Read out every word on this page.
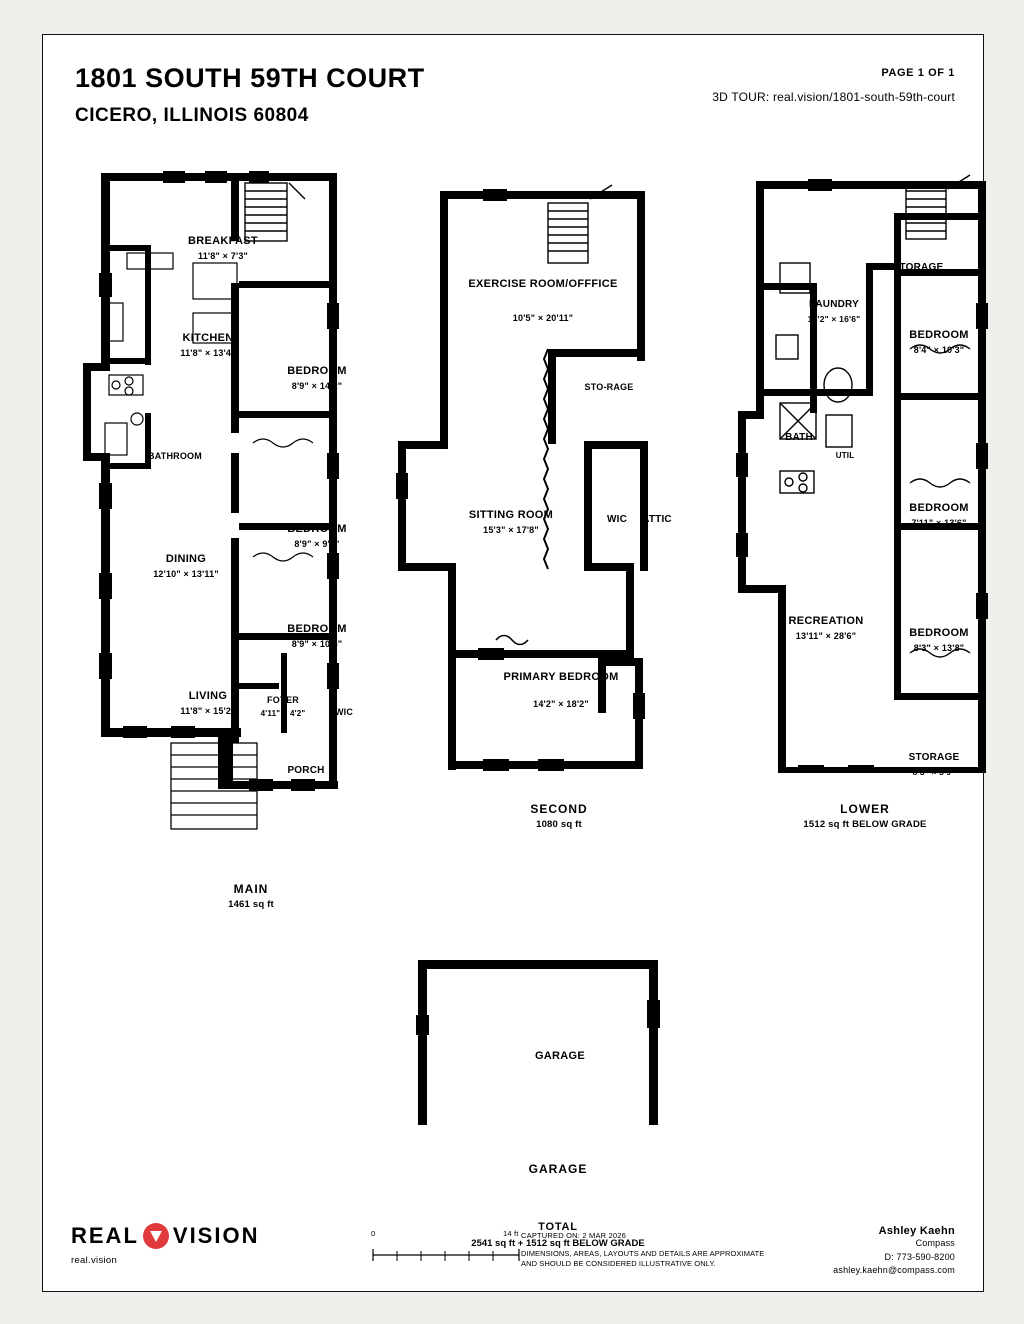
1801 SOUTH 59TH COURT
CICERO, ILLINOIS 60804
PAGE 1 OF 1
3D TOUR: real.vision/1801-south-59th-court
BREAKFAST
11'8" × 7'3"
KITCHEN
11'8" × 13'4"
BATHROOM
DINING
12'10" × 13'11"
LIVING
11'8" × 15'2"
BEDROOM
8'9" × 14'2"
BEDROOM
8'9" × 9'8"
BEDROOM
8'9" × 10'4"
FOYER
4'11" × 4'2"	WIC
PORCH
MAIN
1461 sq ft
EXERCISE ROOM/OFFFICE
10'5" × 20'11"
STO-RAGE
SITTING ROOM
15'3" × 17'8"
WIC ATTIC
PRIMARY BEDROOM
14'2" × 18'2"
SECOND
1080 sq ft
STORAGE
LAUNDRY
12'2" × 16'6"
BATH
UTIL
RECREATION
13'11" × 28'6"
BEDROOM
8'4" × 10'3"
BEDROOM
7'11" × 13'6"
BEDROOM
8'3" × 13'8"
STORAGE
8'3" × 3'9"
LOWER
1512 sq ft BELOW GRADE
GARAGE
GARAGE
TOTAL
2541 sq ft + 1512 sq ft BELOW GRADE
REAL VISION
real.vision
0	14 ft CAPTURED ON: 2 MAR 2026
DIMENSIONS, AREAS, LAYOUTS AND DETAILS ARE APPROXIMATE
AND SHOULD BE CONSIDERED ILLUSTRATIVE ONLY.
Ashley Kaehn
Compass
D: 773-590-8200
ashley.kaehn@compass.com
